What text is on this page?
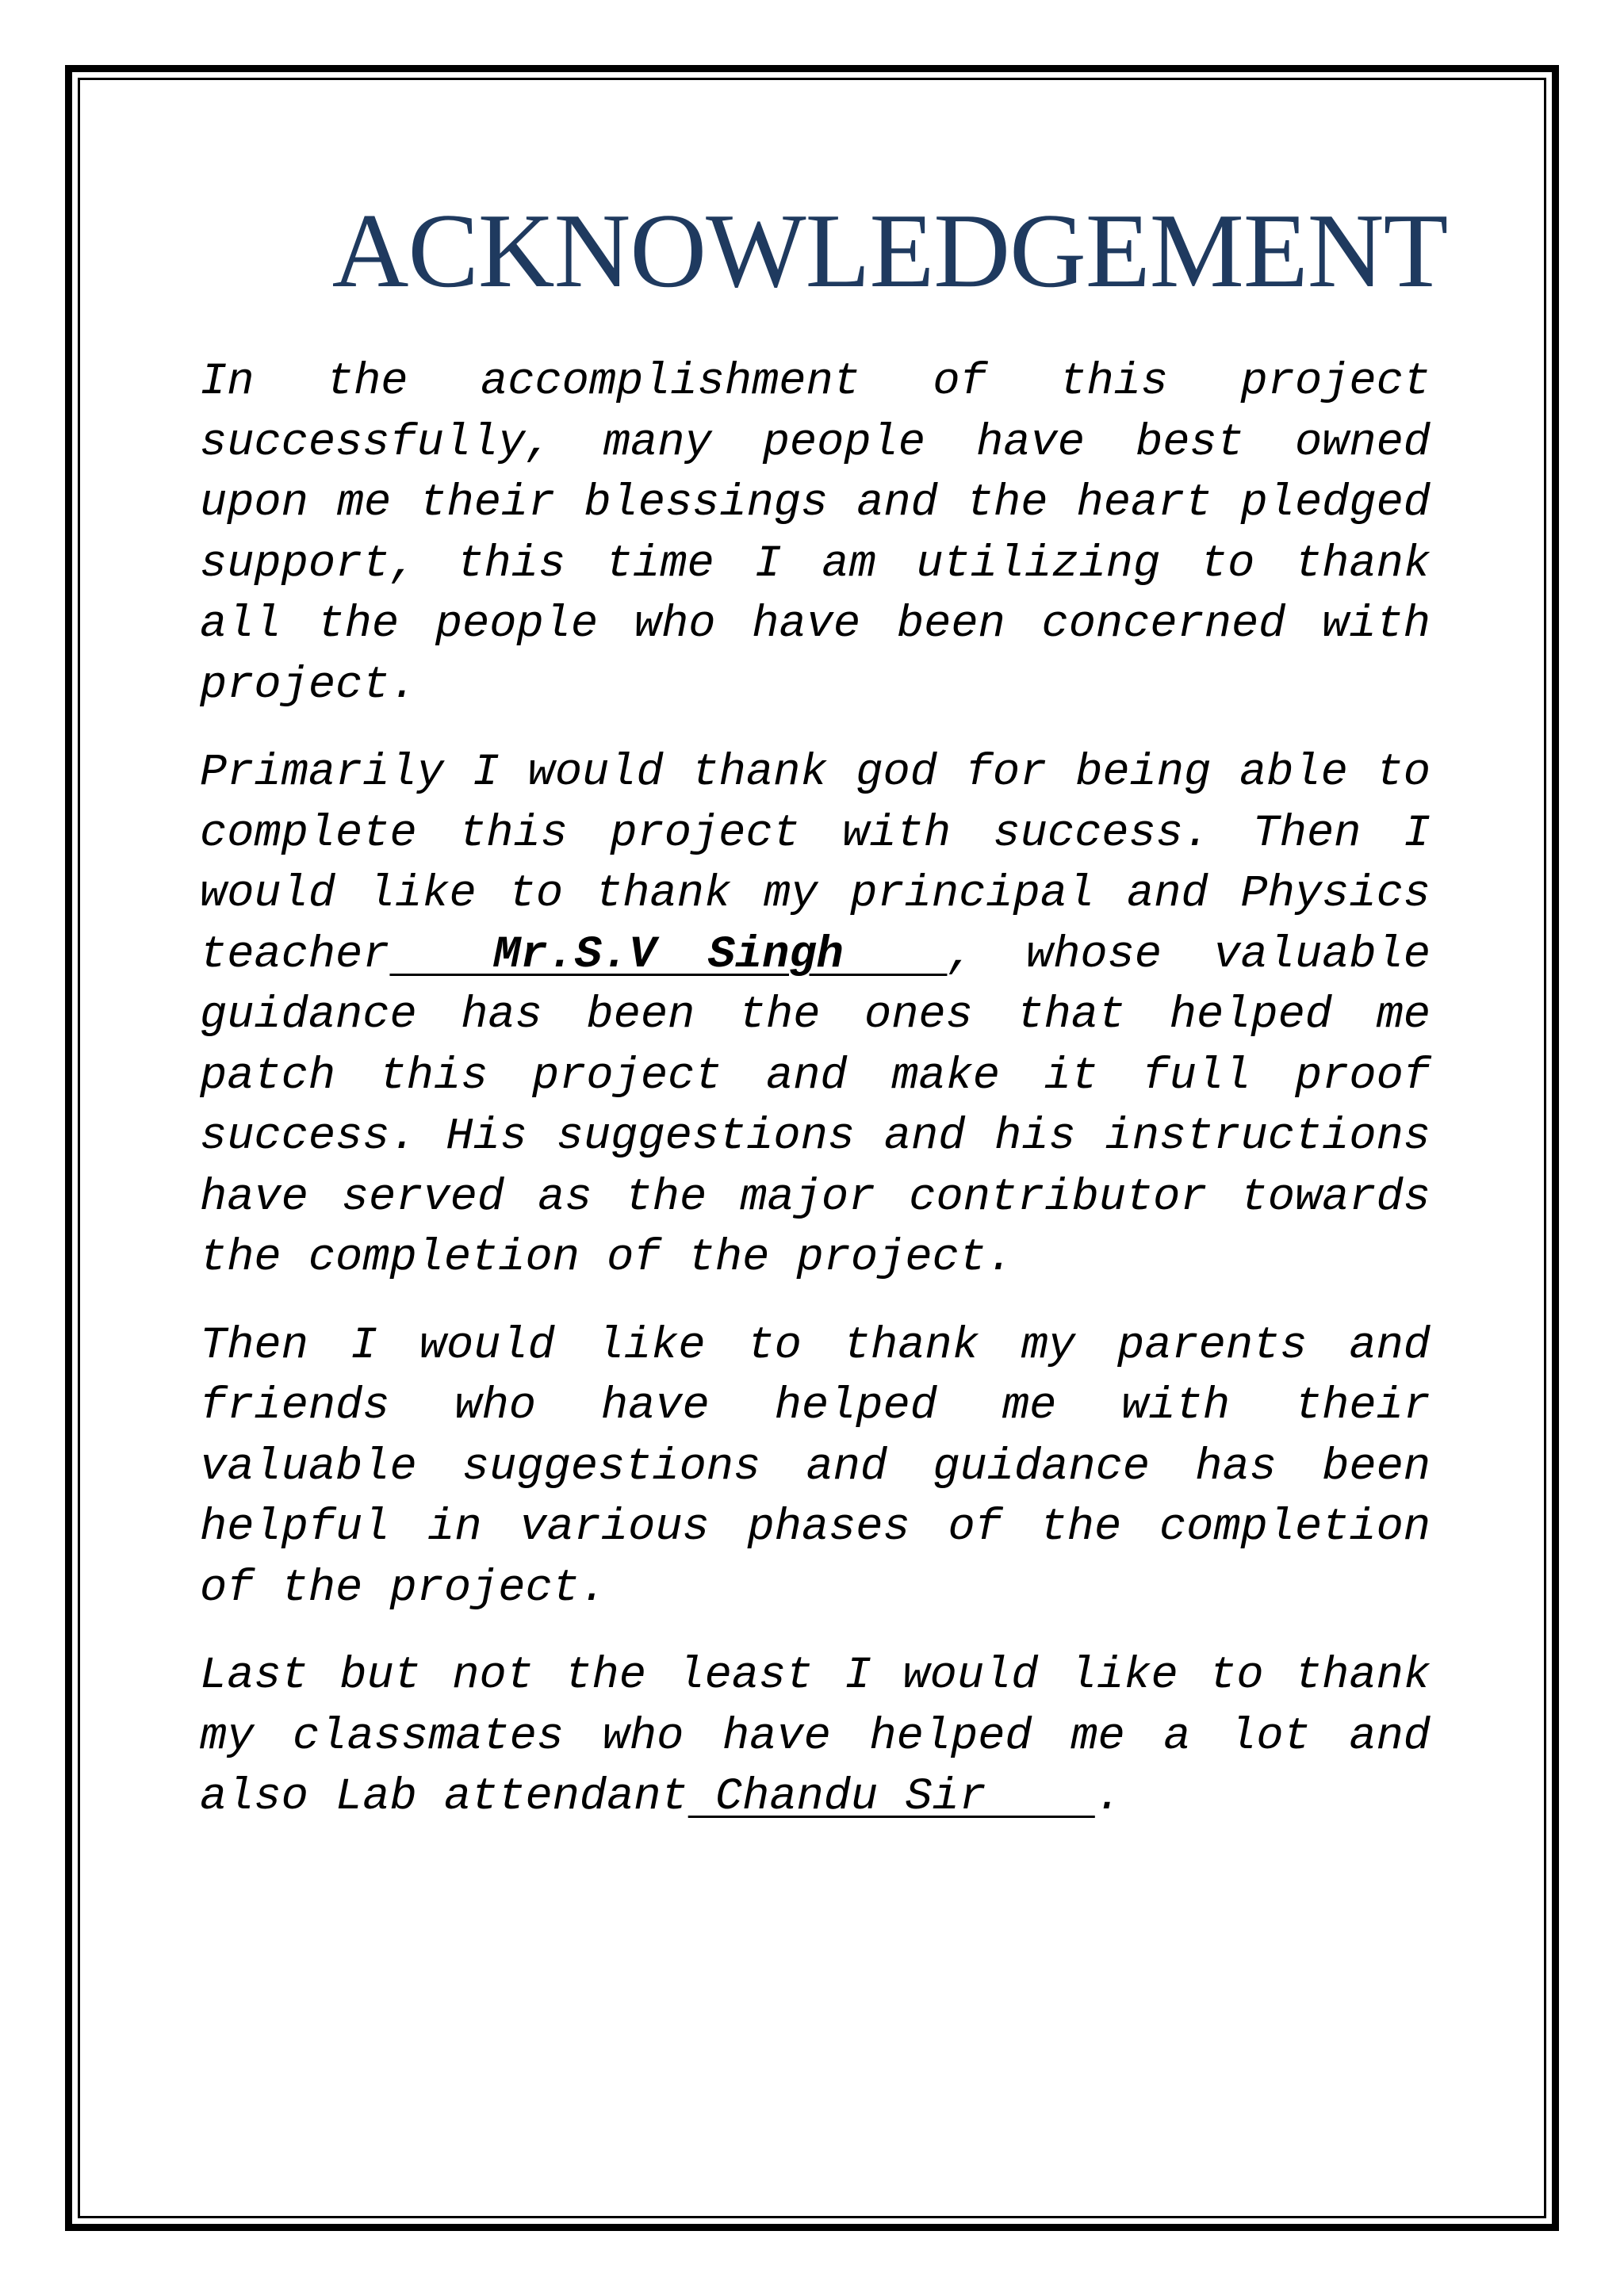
ACKNOWLEDGEMENT

In the accomplishment of this project successfully, many people have best owned upon me their blessings and the heart pledged support, this time I am utilizing to thank all the people who have been concerned with project.

Primarily I would thank god for being able to complete this project with success. Then I would like to thank my principal and Physics teacher  Mr.S.V Singh  , whose valuable guidance has been the ones that helped me patch this project and make it full proof success. His suggestions and his instructions have served as the major contributor towards the completion of the project.

Then I would like to thank my parents and friends who have helped me with their valuable suggestions and guidance has been helpful in various phases of the completion of the project.

Last but not the least I would like to thank my classmates who have helped me a lot and also Lab attendant Chandu Sir    .
